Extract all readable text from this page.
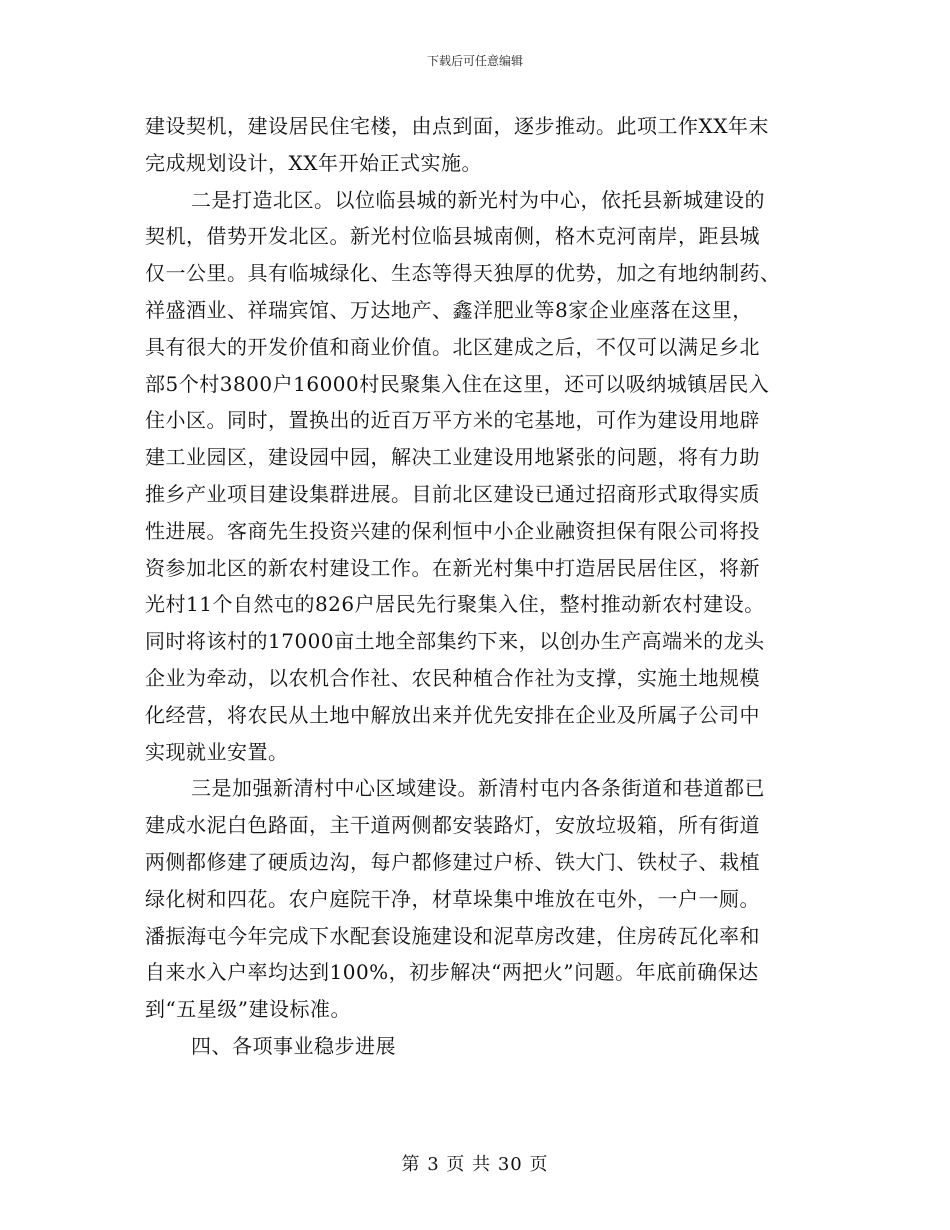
下载后可任意编辑
建设契机，建设居民住宅楼，由点到面，逐步推动。此项工作XX年末
完成规划设计，XX年开始正式实施。
二是打造北区。以位临县城的新光村为中心，依托县新城建设的
契机，借势开发北区。新光村位临县城南侧，格木克河南岸，距县城
仅一公里。具有临城绿化、生态等得天独厚的优势，加之有地纳制药、
祥盛酒业、祥瑞宾馆、万达地产、鑫洋肥业等8家企业座落在这里，
具有很大的开发价值和商业价值。北区建成之后，不仅可以满足乡北
部5个村3800户16000村民聚集入住在这里，还可以吸纳城镇居民入
住小区。同时，置换出的近百万平方米的宅基地，可作为建设用地辟
建工业园区，建设园中园，解决工业建设用地紧张的问题，将有力助
推乡产业项目建设集群进展。目前北区建设已通过招商形式取得实质
性进展。客商先生投资兴建的保利恒中小企业融资担保有限公司将投
资参加北区的新农村建设工作。在新光村集中打造居民居住区，将新
光村11个自然屯的826户居民先行聚集入住，整村推动新农村建设。
同时将该村的17000亩土地全部集约下来，以创办生产高端米的龙头
企业为牵动，以农机合作社、农民种植合作社为支撑，实施土地规模
化经营，将农民从土地中解放出来并优先安排在企业及所属子公司中
实现就业安置。
三是加强新清村中心区域建设。新清村屯内各条街道和巷道都已
建成水泥白色路面，主干道两侧都安装路灯，安放垃圾箱，所有街道
两侧都修建了硬质边沟，每户都修建过户桥、铁大门、铁杖子、栽植
绿化树和四花。农户庭院干净，材草垛集中堆放在屯外，一户一厕。
潘振海屯今年完成下水配套设施建设和泥草房改建，住房砖瓦化率和
自来水入户率均达到100%，初步解决“两把火”问题。年底前确保达
到“五星级”建设标准。
四、各项事业稳步进展
第 3 页 共 30 页
